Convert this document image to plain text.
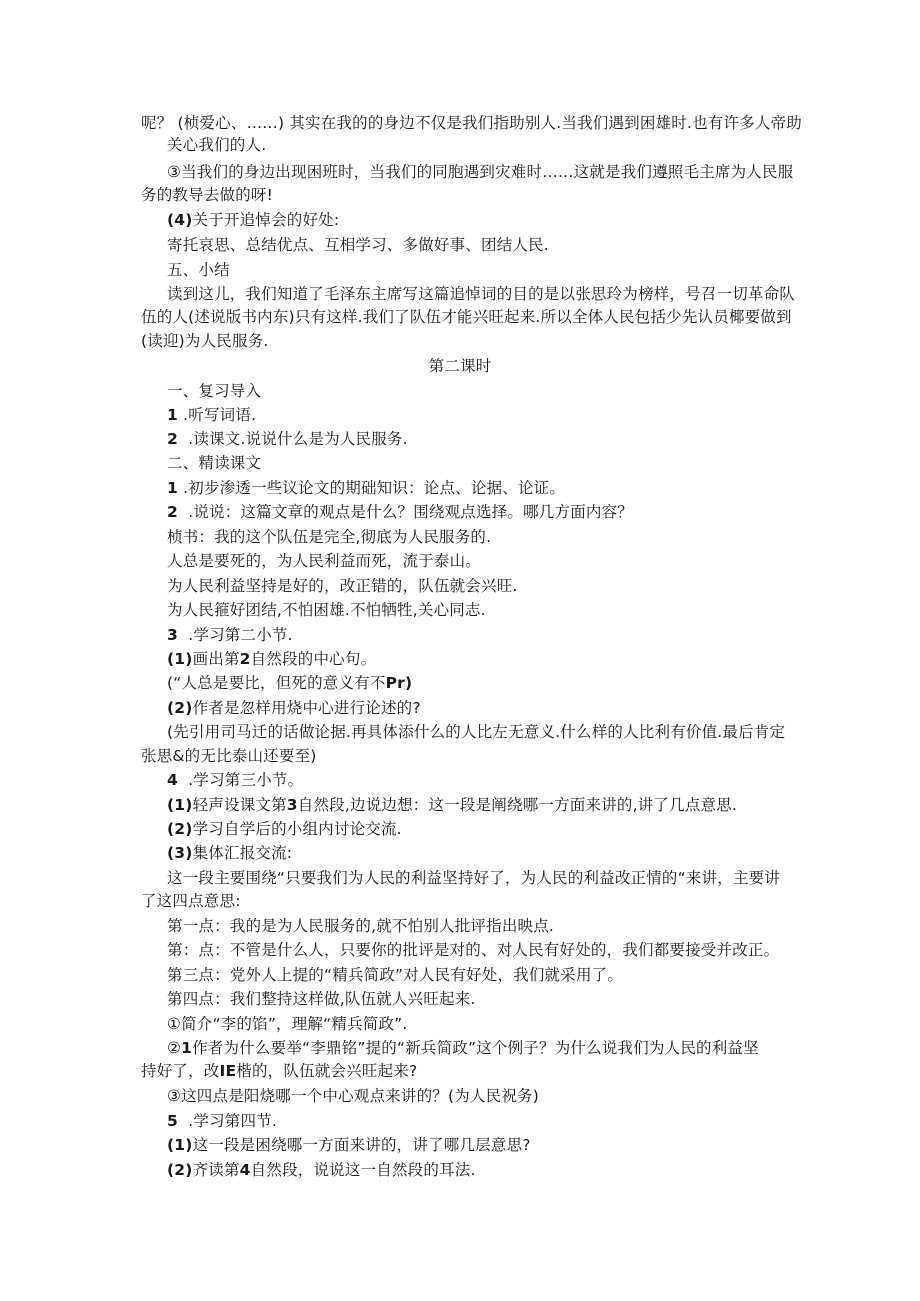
呢？ (桢爱心、……) 其实在我的的身边不仅是我们指助别人.当我们遇到困雄时.也有许多人帝助
关心我们的人.
③当我们的身边出现困班时，当我们的同胞遇到灾难时……这就是我们遵照毛主席为人民服
务的教导去做的呀!
(4)关于开追悼会的好处:
寄托哀思、总结优点、互相学习、多做好事、团结人民.
五、小结
读到这儿，我们知道了毛泽东主席写这篇追悼词的目的是以张思玲为榜样，号召一切革命队
伍的人(述说版书内东)只有这样.我们了队伍才能兴旺起来.所以全体人民包括少先认员椰要做到
(读迎)为人民服务.
第二课时
一、复习导入
1 .听写词语.
2 .读课文.说说什么是为人民服务.
二、精读课文
1 .初步渗透一些议论文的期础知识：论点、论据、论证。
2 .说说：这篇文章的观点是什么？围绕观点选择。哪几方面内容？
桢书：我的这个队伍是完全,彻底为人民服务的.
人总是要死的，为人民利益而死，流于泰山。
为人民利益坚持是好的，改正错的，队伍就会兴旺.
为人民箍好团结,不怕困雄.不怕牺牲,关心同志.
3 .学习第二小节.
(1)画出第2自然段的中心句。
(“人总是要比，但死的意义有不Pr)
(2)作者是忽样用烧中心进行论述的?
(先引用司马迁的话做论据.再具体添什么的人比左无意义.什么样的人比利有价值.最后肯定
张思&的无比泰山还要至)
4 .学习第三小节。
(1)轻声设课文第3自然段,边说边想：这一段是阐绕哪一方面来讲的,讲了几点意思.
(2)学习自学后的小组内讨论交流.
(3)集体汇报交流:
这一段主要围绕“只要我们为人民的利益坚持好了，为人民的利益改正情的“来讲，主要讲
了这四点意思:
第一点：我的是为人民服务的,就不怕别人批评指出映点.
第：点：不管是什么人，只要你的批评是对的、对人民有好处的，我们都要接受并改正。
第三点：党外人上提的“精兵简政”对人民有好处，我们就采用了。
第四点：我们整持这样做,队伍就人兴旺起来.
①简介“李的馅”，理解“精兵简政”.
②1作者为什么要举“李鼎铭”提的“新兵简政”这个例子？为什么说我们为人民的利益坚
持好了，改IE楷的，队伍就会兴旺起来?
③这四点是阳烧哪一个中心观点来讲的？(为人民祝务)
5 .学习第四节.
(1)这一段是困绕哪一方面来讲的，讲了哪几层意思?
(2)齐读第4自然段，说说这一自然段的耳法.
